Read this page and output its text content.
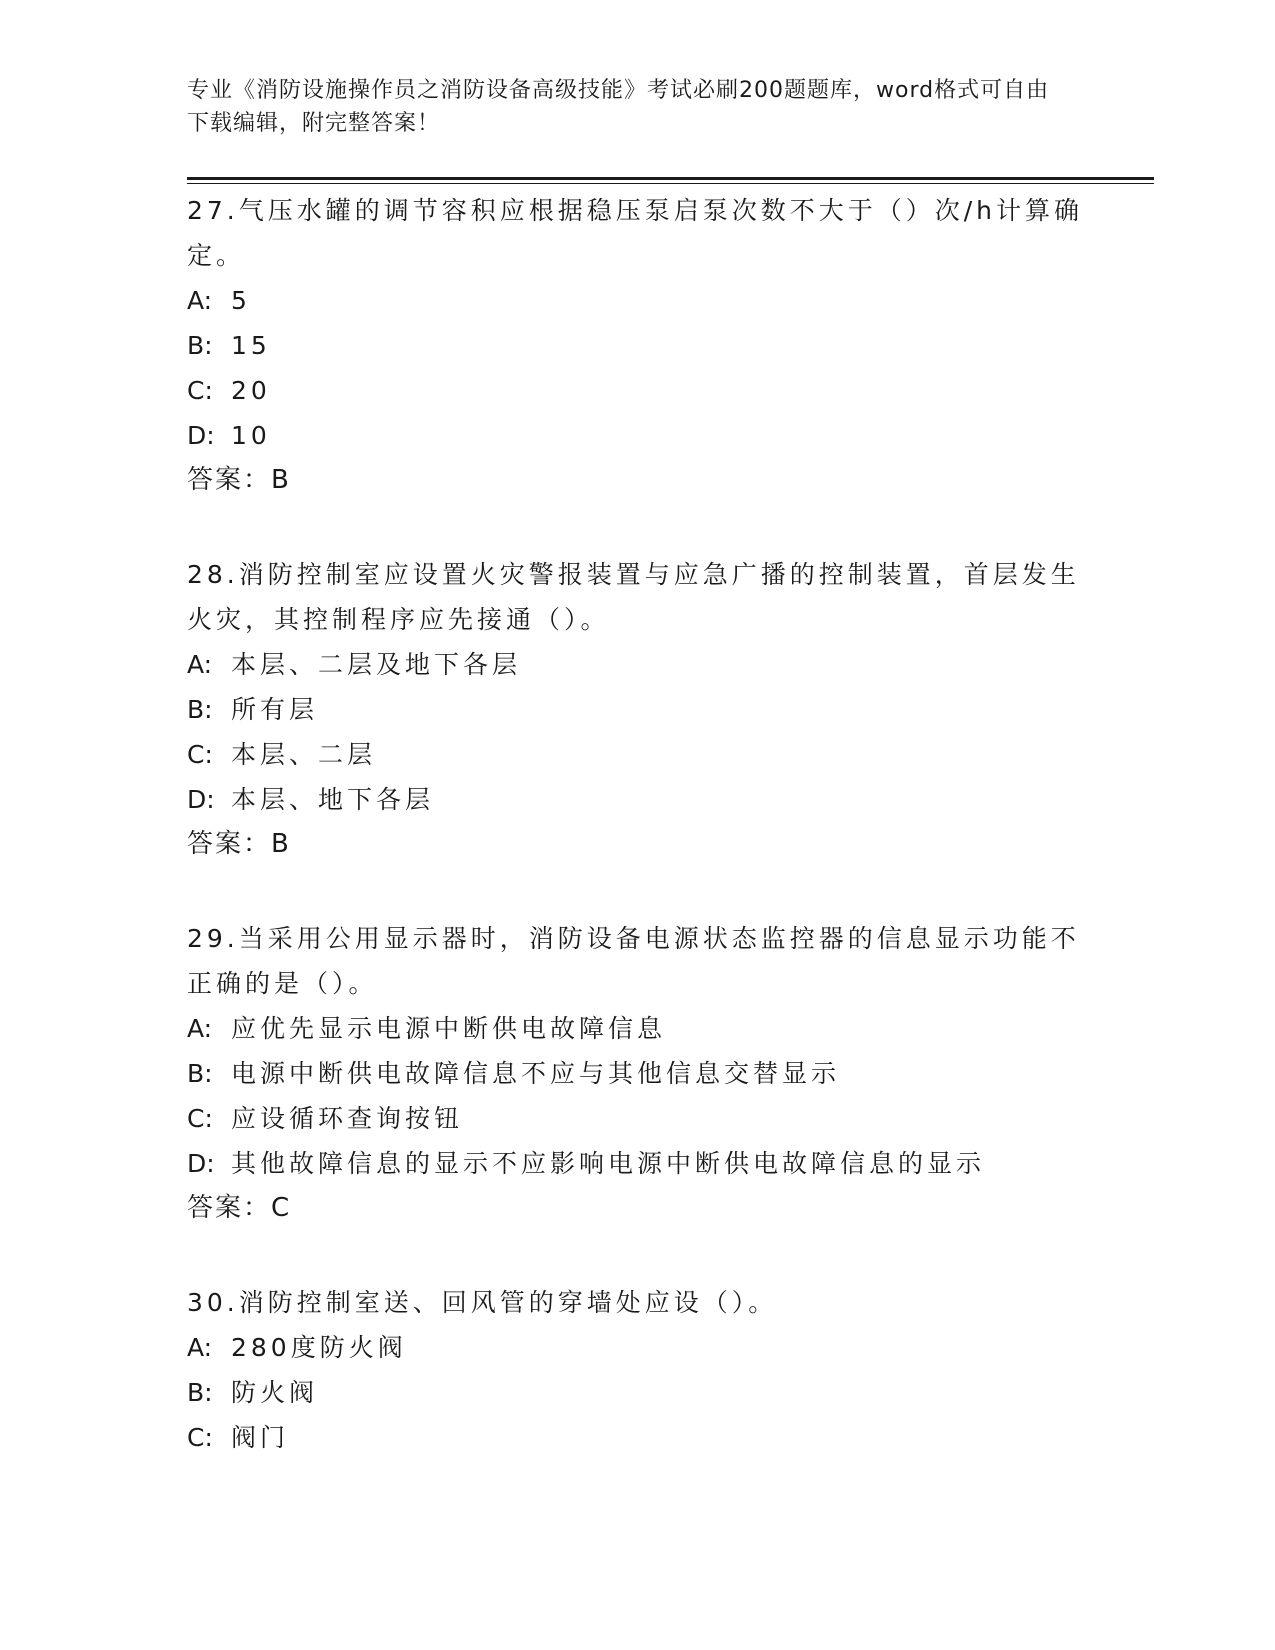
专业《消防设施操作员之消防设备高级技能》考试必刷200题题库，word格式可自由下载编辑，附完整答案！

27.气压水罐的调节容积应根据稳压泵启泵次数不大于（）次/h计算确定。

A: 5

B: 15

C: 20

D: 10

答案：B

28.消防控制室应设置火灾警报装置与应急广播的控制装置，首层发生火灾，其控制程序应先接通（）。

A: 本层、二层及地下各层

B: 所有层

C: 本层、二层

D: 本层、地下各层

答案：B

29.当采用公用显示器时，消防设备电源状态监控器的信息显示功能不正确的是（）。

A: 应优先显示电源中断供电故障信息

B: 电源中断供电故障信息不应与其他信息交替显示

C: 应设循环查询按钮

D: 其他故障信息的显示不应影响电源中断供电故障信息的显示

答案：C

30.消防控制室送、回风管的穿墙处应设（）。

A: 280度防火阀

B: 防火阀

C: 阀门
